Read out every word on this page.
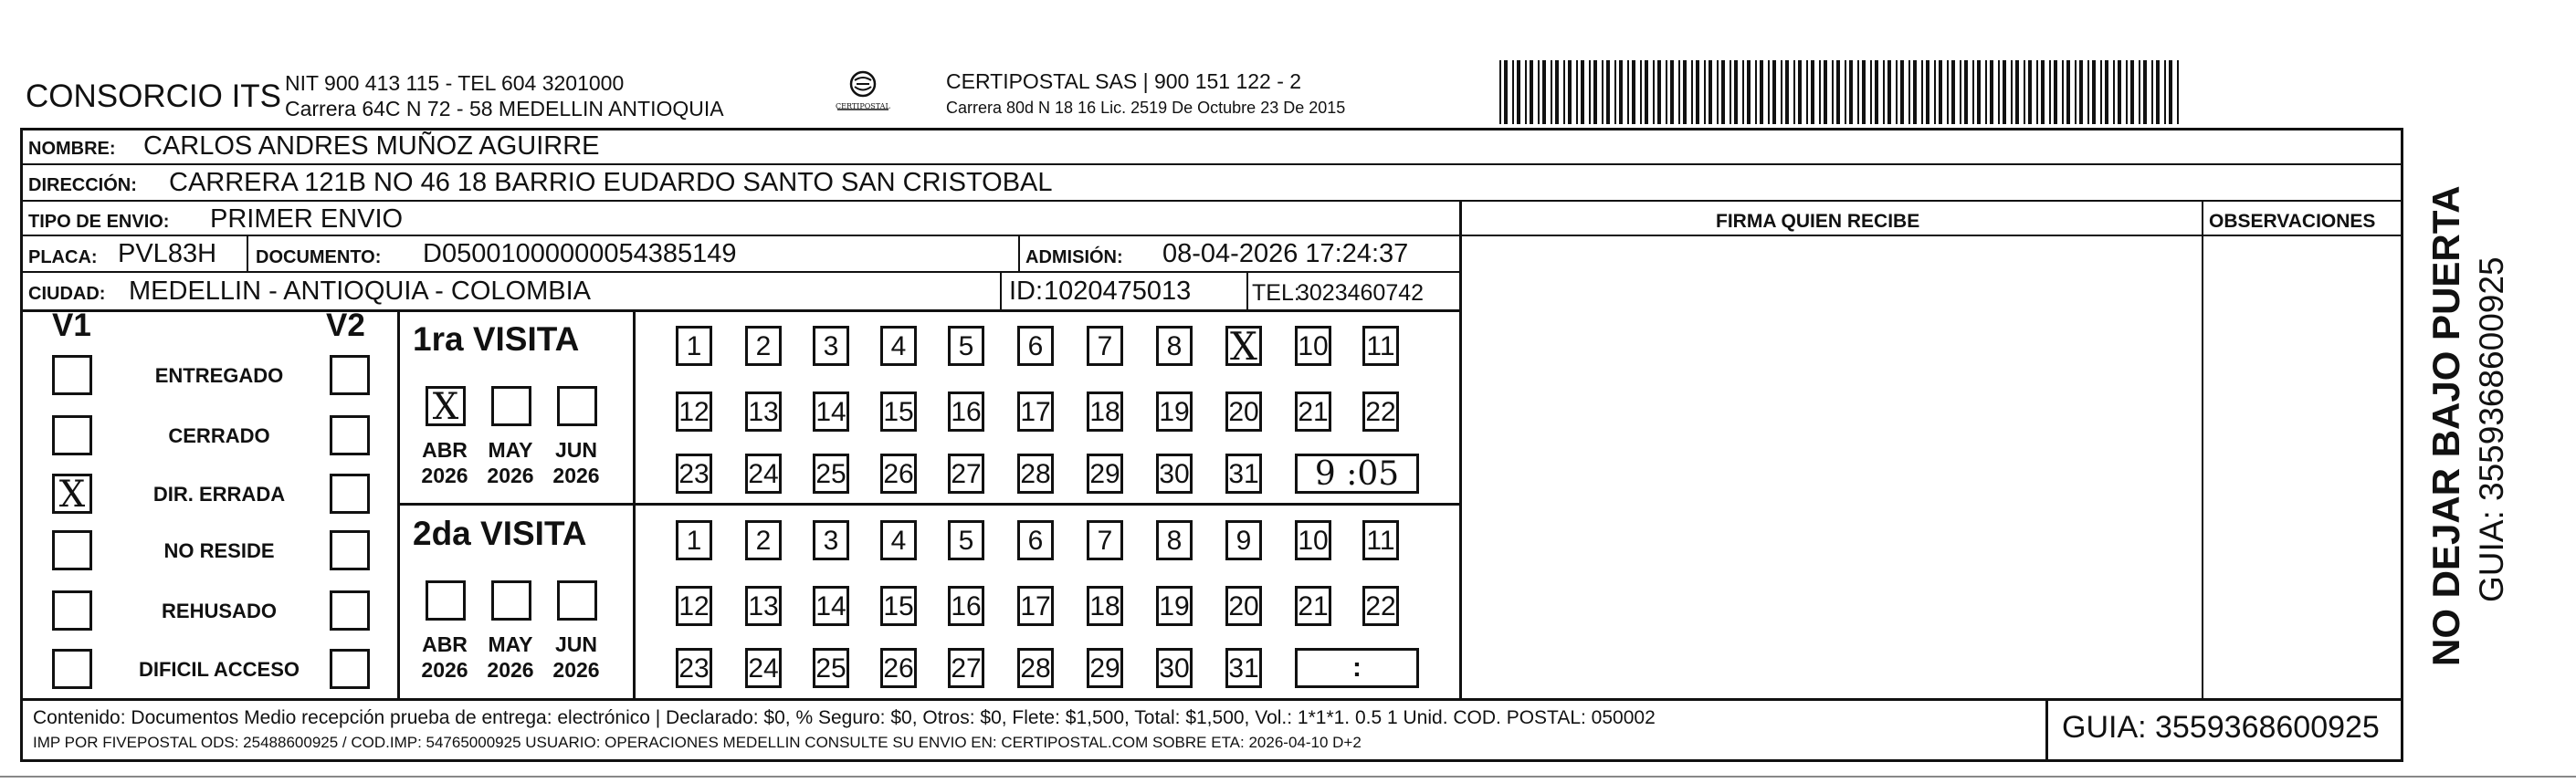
CONSORCIO ITS NIT 900 413 115 - TEL 604 3201000
Carrera 64C N 72 - 58 MEDELLIN ANTIOQUIA	CERTIPOSTAL
CERTIPOSTAL SAS | 900 151 122 - 2
Carrera 80d N 18 16 Lic. 2519 De Octubre 23 De 2015
NOMBRE: CARLOS ANDRES MUÑOZ AGUIRRE
DIRECCIÓN: CARRERA 121B NO 46 18 BARRIO EUDARDO SANTO SAN CRISTOBAL
TIPO DE ENVIO: PRIMER ENVIO
PLACA: PVL83H DOCUMENTO: D05001000000054385149	ADMISIÓN: 08-04-2026 17:24:37
CIUDAD: MEDELLIN - ANTIOQUIA - COLOMBIA	ID: 1020475013	TEL:
3023460742
FIRMA QUIEN RECIBE	OBSERVACIONES
V1	V2
ENTREGADO
CERRADO
X	DIR. ERRADA
NO RESIDE
REHUSADO
DIFICIL ACCESO
1ra VISITA
X
ABR
2026
MAY
2026
JUN
2026
1	2	3	4	5	6	7	8 X 10 11
12 13 14 15 16 17 18 19 20 21 22
23 24 25 26 27 28 29 30 31	9 :05
2da VISITA
ABR
2026
MAY
2026
JUN
2026
1	2	3	4	5	6	7	8	9	10 11
12 13 14 15 16 17 18 19 20 21 22
23 24 25 26 27 28 29 30 31	:
Contenido: Documentos Medio recepción prueba de entrega: electrónico | Declarado: $0, % Seguro: $0, Otros: $0, Flete: $1,500, Total: $1,500, Vol.: 1*1*1. 0.5 1 Unid. COD. POSTAL: 050002
IMP POR FIVEPOSTAL ODS: 25488600925 / COD.IMP: 54765000925 USUARIO: OPERACIONES MEDELLIN CONSULTE SU ENVIO EN: CERTIPOSTAL.COM SOBRE ETA: 2026-04-10 D+2	GUIA: 3559368600925
NO DEJAR BAJO PUERTA GUIA: 3559368600925
